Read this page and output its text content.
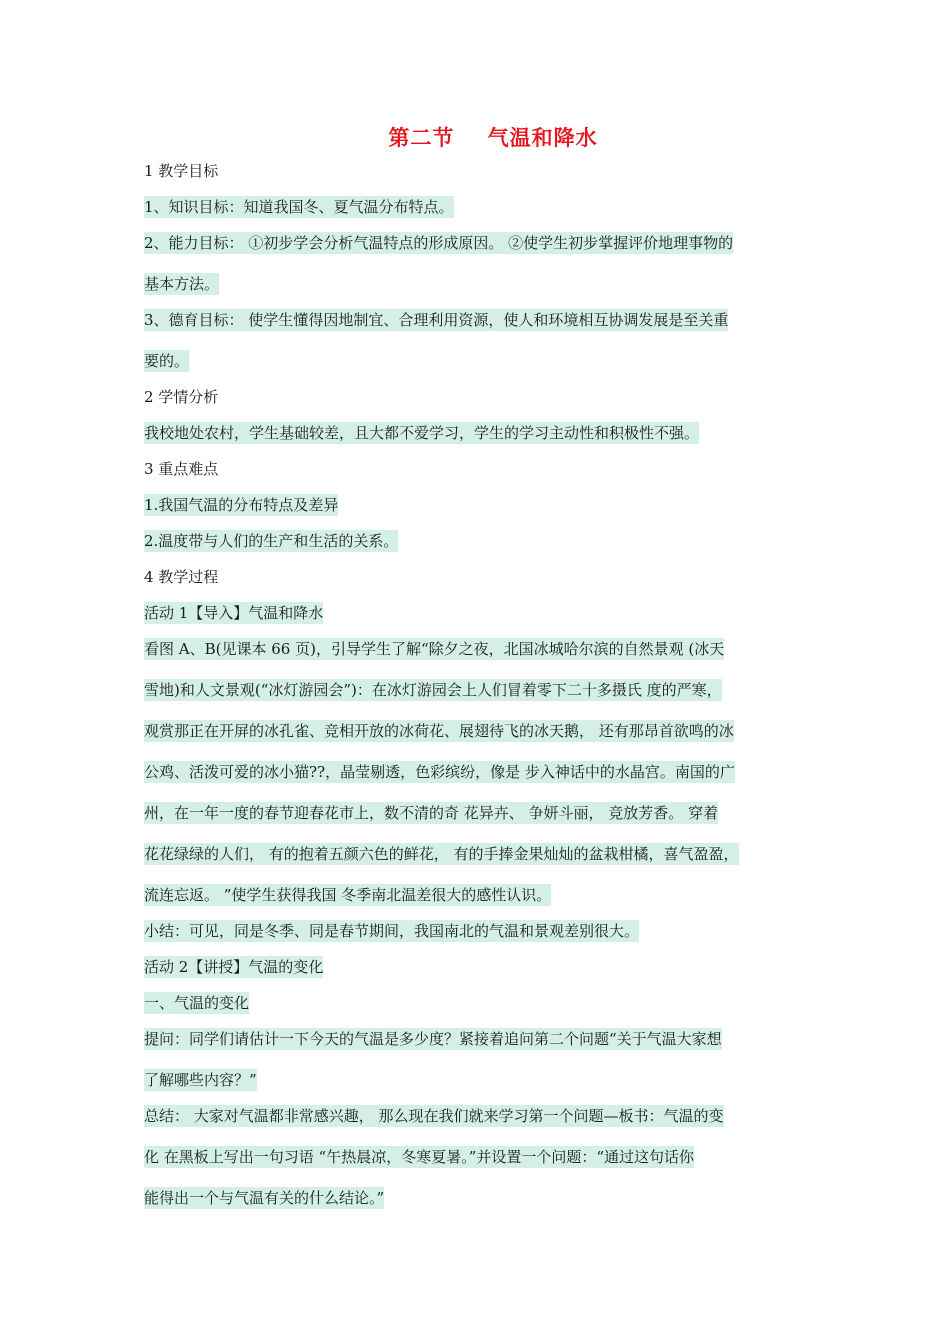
第二节    气温和降水
1 教学目标
1、知识目标：知道我国冬、夏气温分布特点。
2、能力目标： ①初步学会分析气温特点的形成原因。 ②使学生初步掌握评价地理事物的
基本方法。
3、德育目标： 使学生懂得因地制宜、合理利用资源，使人和环境相互协调发展是至关重
要的。
2 学情分析
我校地处农村，学生基础较差，且大都不爱学习，学生的学习主动性和积极性不强。
3 重点难点
1.我国气温的分布特点及差异
2.温度带与人们的生产和生活的关系。
4 教学过程
活动 1【导入】气温和降水
看图 A、B(见课本 66 页)，引导学生了解“除夕之夜，北国冰城哈尔滨的自然景观 (冰天
雪地)和人文景观(“冰灯游园会”)：在冰灯游园会上人们冒着零下二十多摄氏 度的严寒，
观赏那正在开屏的冰孔雀、竞相开放的冰荷花、展翅待飞的冰天鹅， 还有那昂首欲鸣的冰
公鸡、活泼可爱的冰小猫??，晶莹剔透，色彩缤纷，像是 步入神话中的水晶宫。南国的广
州，在一年一度的春节迎春花市上，数不清的奇 花异卉、 争妍斗丽， 竞放芳香。 穿着
花花绿绿的人们， 有的抱着五颜六色的鲜花， 有的手捧金果灿灿的盆栽柑橘，喜气盈盈，
流连忘返。 ”使学生获得我国 冬季南北温差很大的感性认识。
小结：可见，同是冬季、同是春节期间，我国南北的气温和景观差别很大。
活动 2【讲授】气温的变化
一、气温的变化
提问：同学们请估计一下今天的气温是多少度？紧接着追问第二个问题“关于气温大家想
了解哪些内容？”
总结： 大家对气温都非常感兴趣， 那么现在我们就来学习第一个问题—板书：气温的变
化 在黑板上写出一句习语 “午热晨凉，冬寒夏暑。”并设置一个问题：“通过这句话你
能得出一个与气温有关的什么结论。”
